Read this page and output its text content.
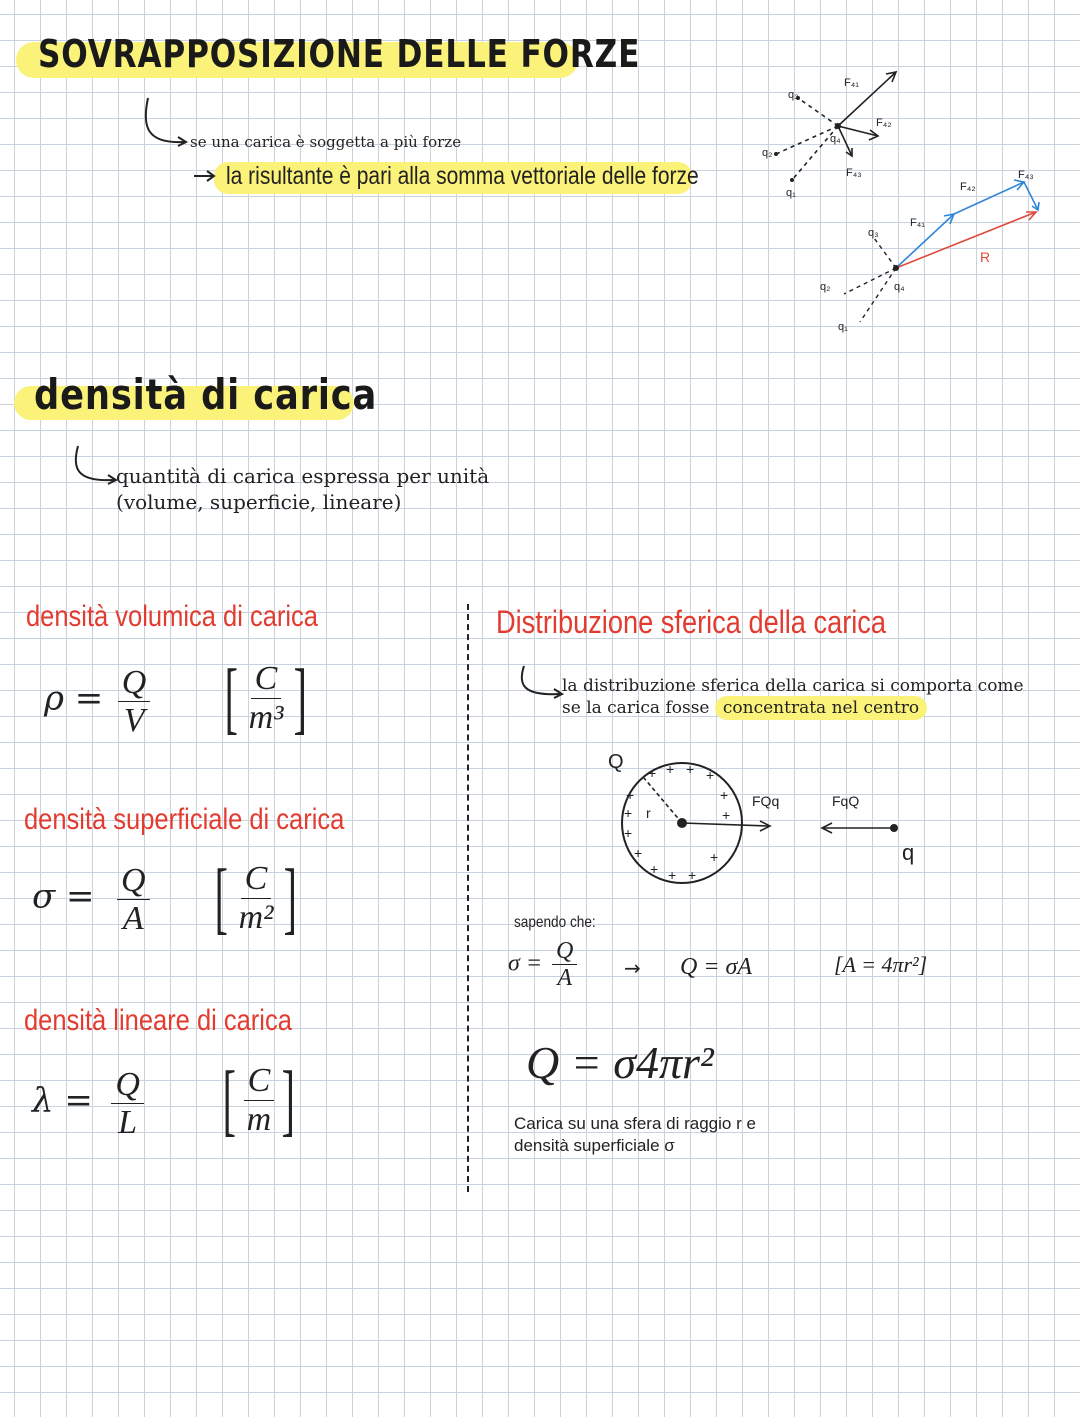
SOVRAPPOSIZIONE DELLE FORZE
se una carica è soggetta a più forze
la risultante è pari alla somma vettoriale delle forze
q₃
q₂
q₁
q₄
F₄₁
F₄₂
F₄₃
q₃
q₂
q₁
q₄
F₄₁
F₄₂
F₄₃
R
densità di carica
quantità di carica espressa per unità
(volume, superficie, lineare)
densità volumica di carica
$\rho = \frac{Q}{V}$ [ $\frac{C}{\text{m³}}$ ]
densità superficiale di carica
$\sigma = \frac{Q}{A}$ [ $\frac{C}{\text{m²}}$ ]
densità lineare di carica
$\lambda = \frac{Q}{L}$ [ $\frac{C}{m}$ ]
Distribuzione sferica della carica
la distribuzione sferica della carica si comporta come
se la carica fosse concentrata nel centro
+ + + +
+
+
+
+ + +
+
+
+
+
Q
r
FQq	FqQ
q
sapendo che:
$\sigma = \frac{Q}{A} \to Q = \sigma A$	[A = 4πr²]
Q = σ4πr²
Carica su una sfera di raggio r e
densità superficiale σ
